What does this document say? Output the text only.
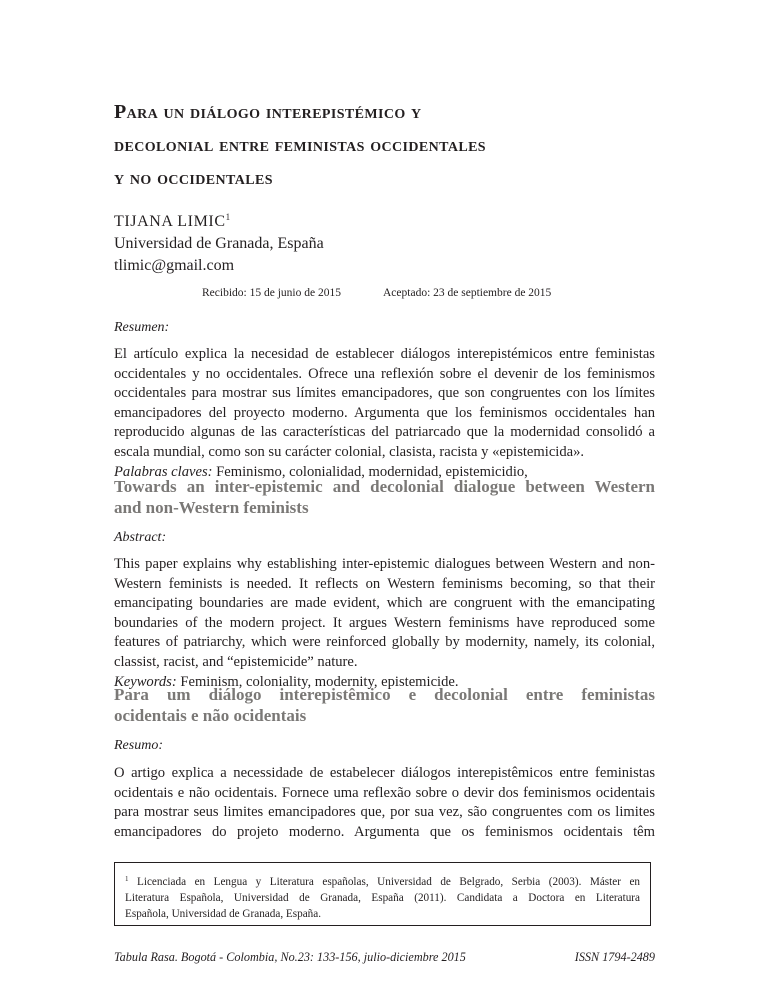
Para un diálogo interepistémico y
decolonial entre feministas occidentales
y no occidentales
TIJANA LIMIC$^1$
Universidad de Granada, España
tlimic@gmail.com
Recibido: 15 de junio de 2015	Aceptado: 23 de septiembre de 2015
Resumen:
El artículo explica la necesidad de establecer diálogos interepistémicos entre feministas
occidentales y no occidentales. Ofrece una reflexión sobre el devenir de los feminismos
occidentales para mostrar sus límites emancipadores, que son congruentes con los límites
emancipadores del proyecto moderno. Argumenta que los feminismos occidentales han
reproducido algunas de las características del patriarcado que la modernidad consolidó a
escala mundial, como son su carácter colonial, clasista, racista y «epistemicida».
Palabras claves: Feminismo, colonialidad, modernidad, epistemicidio,
Towards an inter-epistemic and decolonial dialogue between Western
and non-Western feminists
Abstract:
This paper explains why establishing inter-epistemic dialogues between Western and non-
Western feminists is needed. It reflects on Western feminisms becoming, so that their
emancipating boundaries are made evident, which are congruent with the emancipating
boundaries of the modern project. It argues Western feminisms have reproduced some
features of patriarchy, which were reinforced globally by modernity, namely, its colonial,
classist, racist, and “epistemicide” nature.
Keywords: Feminism, coloniality, modernity, epistemicide.
Para um diálogo interepistêmico e decolonial entre feministas
ocidentais e não ocidentais
Resumo:
O artigo explica a necessidade de estabelecer diálogos interepistêmicos entre feministas
ocidentais e não ocidentais. Fornece uma reflexão sobre o devir dos feminismos ocidentais
para mostrar seus limites emancipadores que, por sua vez, são congruentes com os limites
emancipadores do projeto moderno. Argumenta que os feminismos ocidentais têm
$^1$ Licenciada en Lengua y Literatura españolas, Universidad de Belgrado, Serbia (2003). Máster en
Literatura Española, Universidad de Granada, España (2011). Candidata a Doctora en Literatura
Española, Universidad de Granada, España.
Tabula Rasa. Bogotá - Colombia, No.23: 133-156, julio-diciembre 2015	ISSN 1794-2489
